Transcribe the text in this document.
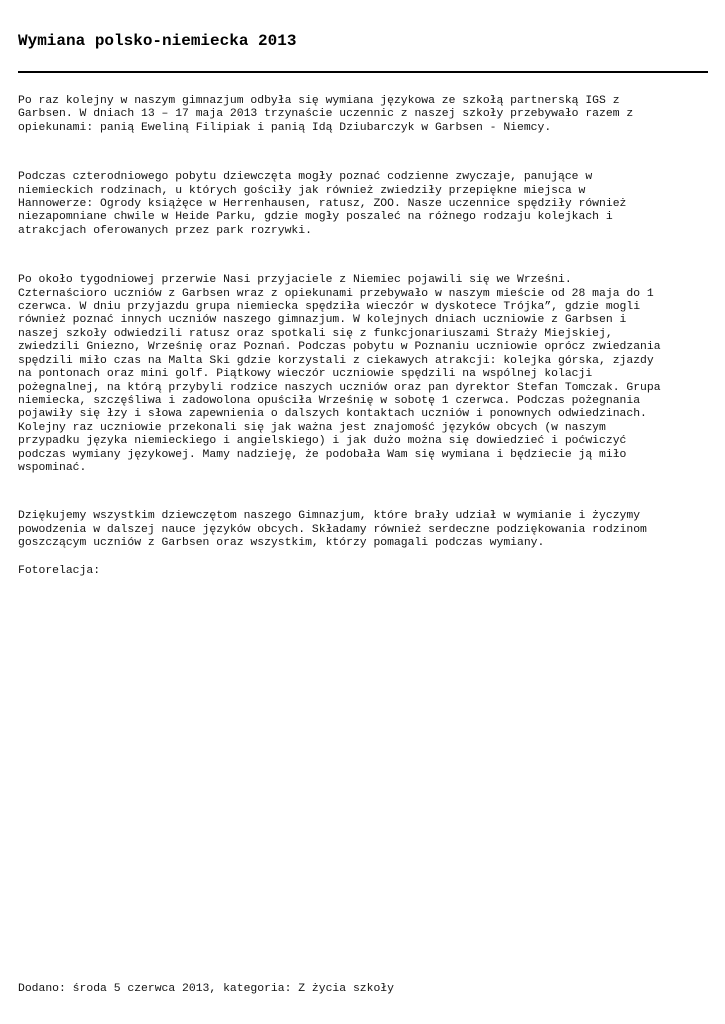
Wymiana polsko-niemiecka 2013

Po raz kolejny w naszym gimnazjum odbyła się wymiana językowa ze szkołą partnerską IGS z
Garbsen. W dniach 13 – 17 maja 2013 trzynaście uczennic z naszej szkoły przebywało razem z
opiekunami: panią Eweliną Filipiak i panią Idą Dziubarczyk w Garbsen - Niemcy.

Podczas czterodniowego pobytu dziewczęta mogły poznać codzienne zwyczaje, panujące w
niemieckich rodzinach, u których gościły jak również zwiedziły przepiękne miejsca w
Hannowerze: Ogrody książęce w Herrenhausen, ratusz, ZOO. Nasze uczennice spędziły również
niezapomniane chwile w Heide Parku, gdzie mogły poszaleć na różnego rodzaju kolejkach i
atrakcjach oferowanych przez park rozrywki.

Po około tygodniowej przerwie Nasi przyjaciele z Niemiec pojawili się we Wrześni.
Czternaścioro uczniów z Garbsen wraz z opiekunami przebywało w naszym mieście od 28 maja do 1
czerwca. W dniu przyjazdu grupa niemiecka spędziła wieczór w dyskotece Trójka”, gdzie mogli
również poznać innych uczniów naszego gimnazjum. W kolejnych dniach uczniowie z Garbsen i
naszej szkoły odwiedzili ratusz oraz spotkali się z funkcjonariuszami Straży Miejskiej,
zwiedzili Gniezno, Wrześnię oraz Poznań. Podczas pobytu w Poznaniu uczniowie oprócz zwiedzania
spędzili miło czas na Malta Ski gdzie korzystali z ciekawych atrakcji: kolejka górska, zjazdy
na pontonach oraz mini golf. Piątkowy wieczór uczniowie spędzili na wspólnej kolacji
pożegnalnej, na którą przybyli rodzice naszych uczniów oraz pan dyrektor Stefan Tomczak. Grupa
niemiecka, szczęśliwa i zadowolona opuściła Wrześnię w sobotę 1 czerwca. Podczas pożegnania
pojawiły się łzy i słowa zapewnienia o dalszych kontaktach uczniów i ponownych odwiedzinach.
Kolejny raz uczniowie przekonali się jak ważna jest znajomość języków obcych (w naszym
przypadku języka niemieckiego i angielskiego) i jak dużo można się dowiedzieć i poćwiczyć
podczas wymiany językowej. Mamy nadzieję, że podobała Wam się wymiana i będziecie ją miło
wspominać.

Dziękujemy wszystkim dziewczętom naszego Gimnazjum, które brały udział w wymianie i życzymy
powodzenia w dalszej nauce języków obcych. Składamy również serdeczne podziękowania rodzinom
goszczącym uczniów z Garbsen oraz wszystkim, którzy pomagali podczas wymiany.

Fotorelacja:

Dodano: środa 5 czerwca 2013, kategoria: Z życia szkoły
